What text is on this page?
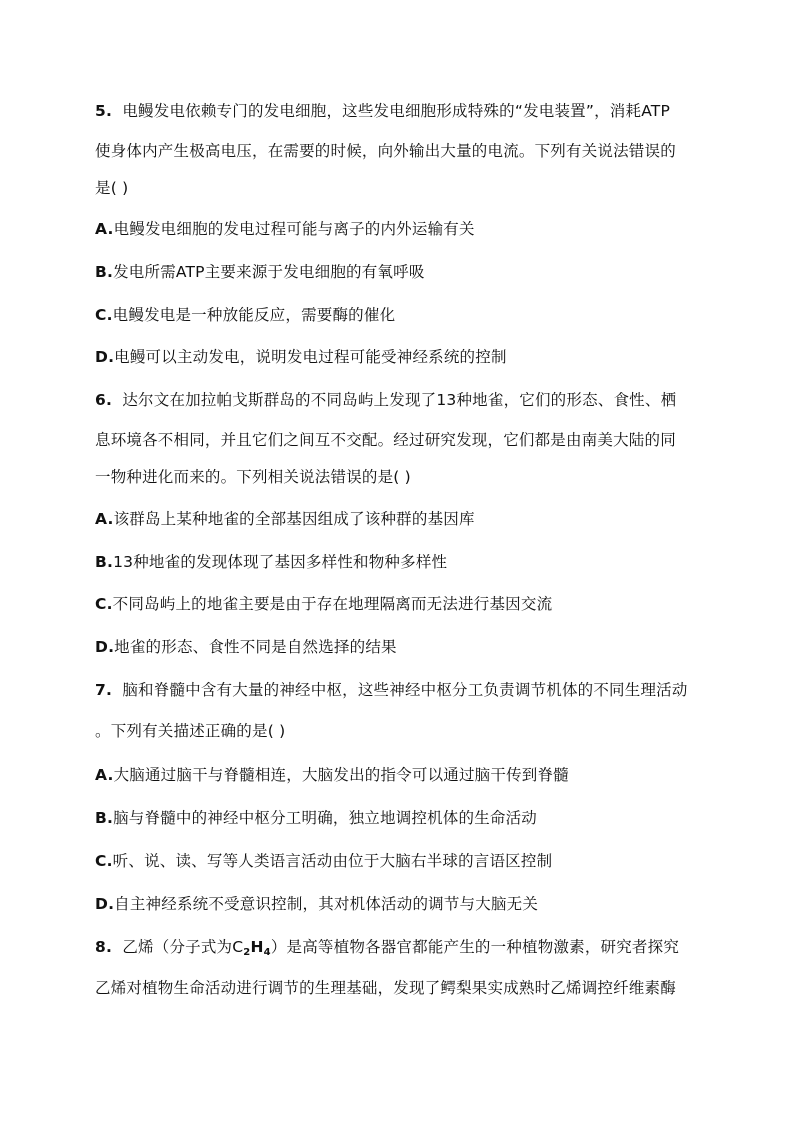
5. 电鳗发电依赖专门的发电细胞，这些发电细胞形成特殊的“发电装置”，消耗ATP
使身体内产生极高电压，在需要的时候，向外输出大量的电流。下列有关说法错误的
是( )
A.电鳗发电细胞的发电过程可能与离子的内外运输有关
B.发电所需ATP主要来源于发电细胞的有氧呼吸
C.电鳗发电是一种放能反应，需要酶的催化
D.电鳗可以主动发电，说明发电过程可能受神经系统的控制
6. 达尔文在加拉帕戈斯群岛的不同岛屿上发现了13种地雀，它们的形态、食性、栖
息环境各不相同，并且它们之间互不交配。经过研究发现，它们都是由南美大陆的同
一物种进化而来的。下列相关说法错误的是( )
A.该群岛上某种地雀的全部基因组成了该种群的基因库
B.13种地雀的发现体现了基因多样性和物种多样性
C.不同岛屿上的地雀主要是由于存在地理隔离而无法进行基因交流
D.地雀的形态、食性不同是自然选择的结果
7. 脑和脊髓中含有大量的神经中枢，这些神经中枢分工负责调节机体的不同生理活动
。下列有关描述正确的是( )
A.大脑通过脑干与脊髓相连，大脑发出的指令可以通过脑干传到脊髓
B.脑与脊髓中的神经中枢分工明确，独立地调控机体的生命活动
C.听、说、读、写等人类语言活动由位于大脑右半球的言语区控制
D.自主神经系统不受意识控制，其对机体活动的调节与大脑无关
8. 乙烯（分子式为$C_2H_4$）是高等植物各器官都能产生的一种植物激素，研究者探究
乙烯对植物生命活动进行调节的生理基础，发现了鳄梨果实成熟时乙烯调控纤维素酶
